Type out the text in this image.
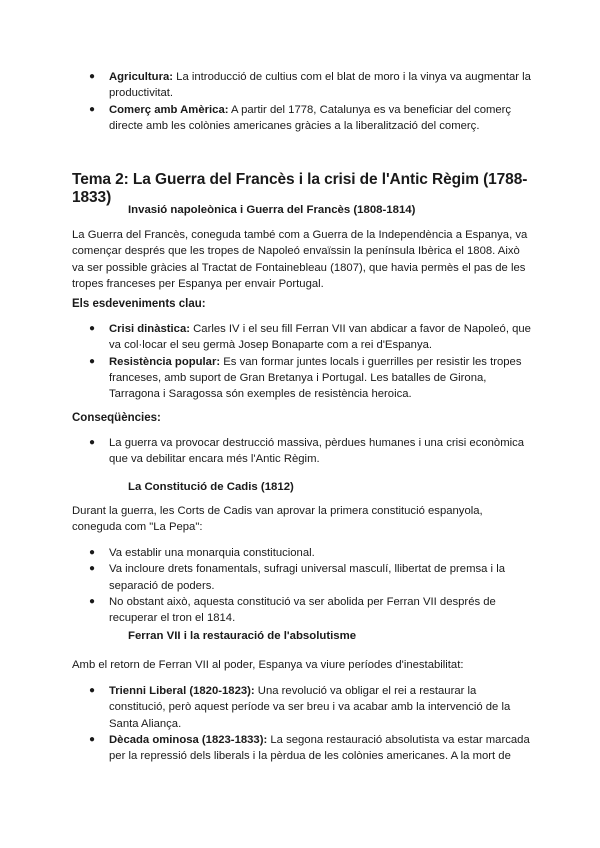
● Agricultura: La introducció de cultius com el blat de moro i la vinya va augmentar la productivitat.
● Comerç amb Amèrica: A partir del 1778, Catalunya es va beneficiar del comerç directe amb les colònies americanes gràcies a la liberalització del comerç.
Tema 2: La Guerra del Francès i la crisi de l'Antic Règim (1788-1833)
Invasió napoleònica i Guerra del Francès (1808-1814)

La Guerra del Francès, coneguda també com a Guerra de la Independència a Espanya, va començar després que les tropes de Napoleó envaïssin la península Ibèrica el 1808. Això va ser possible gràcies al Tractat de Fontainebleau (1807), que havia permès el pas de les tropes franceses per Espanya per envair Portugal.

Els esdeveniments clau:
● Crisi dinàstica: Carles IV i el seu fill Ferran VII van abdicar a favor de Napoleó, que va col·locar el seu germà Josep Bonaparte com a rei d'Espanya.
● Resistència popular: Es van formar juntes locals i guerrilles per resistir les tropes franceses, amb suport de Gran Bretanya i Portugal. Les batalles de Girona, Tarragona i Saragossa són exemples de resistència heroica.
Conseqüències:
● La guerra va provocar destrucció massiva, pèrdues humanes i una crisi econòmica que va debilitar encara més l'Antic Règim.
La Constitució de Cadis (1812)

Durant la guerra, les Corts de Cadis van aprovar la primera constitució espanyola, coneguda com "La Pepa":

● Va establir una monarquia constitucional.
● Va incloure drets fonamentals, sufragi universal masculí, llibertat de premsa i la separació de poders.
● No obstant això, aquesta constitució va ser abolida per Ferran VII després de recuperar el tron el 1814.
Ferran VII i la restauració de l'absolutisme

Amb el retorn de Ferran VII al poder, Espanya va viure períodes d'inestabilitat:

● Trienni Liberal (1820-1823): Una revolució va obligar el rei a restaurar la constitució, però aquest període va ser breu i va acabar amb la intervenció de la Santa Aliança.
● Dècada ominosa (1823-1833): La segona restauració absolutista va estar marcada per la repressió dels liberals i la pèrdua de les colònies americanes. A la mort de
